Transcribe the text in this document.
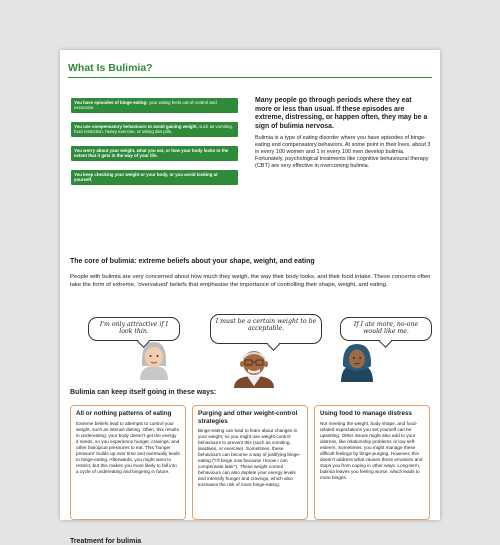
What Is Bulimia?
You have episodes of binge-eating: your eating feels out-of-control and excessive.
You use compensatory behaviours to avoid gaining weight, such as vomiting, food restriction, heavy exercise, or taking diet pills.
You worry about your weight, what you eat, or how your body looks to the extent that it gets in the way of your life.
You keep checking your weight or your body, or you avoid looking at yourself.
Many people go through periods where they eat more or less than usual. If these episodes are extreme, distressing, or happen often, they may be a sign of bulimia nervosa.
Bulimia is a type of eating disorder where you have episodes of binge-eating and compensatory behaviors. At some point in their lives, about 3 in every 100 women and 1 in every 100 men develop bulimia. Fortunately, psychological treatments like cognitive behavioural therapy (CBT) are very effective in overcoming bulimia.
The core of bulimia: extreme beliefs about your shape, weight, and eating
People with bulimia are very concerned about how much they weigh, the way their body looks, and their food intake. These concerns often take the form of extreme, 'overvalued' beliefs that emphasise the importance of controlling their shape, weight, and eating.
I'm only attractive if I look thin.
I must be a certain weight to be acceptable.
If I ate more, no-one would like me.
Bulimia can keep itself going in these ways:
All or nothing patterns of eating
Extreme beliefs lead to attempts to control your weight, such as intense dieting. Often, this results in undereating: your body doesn't get the energy it needs, so you experience hunger, cravings, and other biological pressures to eat. This 'hunger pressure' builds up over time and eventually leads to binge-eating. Afterwards, you might want to restrict, but this makes you more likely to fall into a cycle of undereating and bingeing in future.
Purging and other weight-control strategies
Binge-eating can lead to fears about changes in your weight, so you might use weight-control behaviours to prevent this (such as vomiting, laxatives, or exercise). Sometimes, these behaviours can become a way of justifying binge-eating ("I'll binge now because I know I can compensate later"). These weight control behaviours can also deplete your energy levels and intensify hunger and cravings, which also increases the risk of more binge-eating.
Using food to manage distress
Not meeting the weight, body shape, and food-related expectations you set yourself can be upsetting. Other issues might also add to your distress, like relationship problems or low self-esteem. Sometimes, you might manage these difficult feelings by binge-purging. However, this doesn't address what causes these emotions and stops you from coping in other ways. Long-term, bulimia leaves you feeling worse, which leads to more binges.
Treatment for bulimia
